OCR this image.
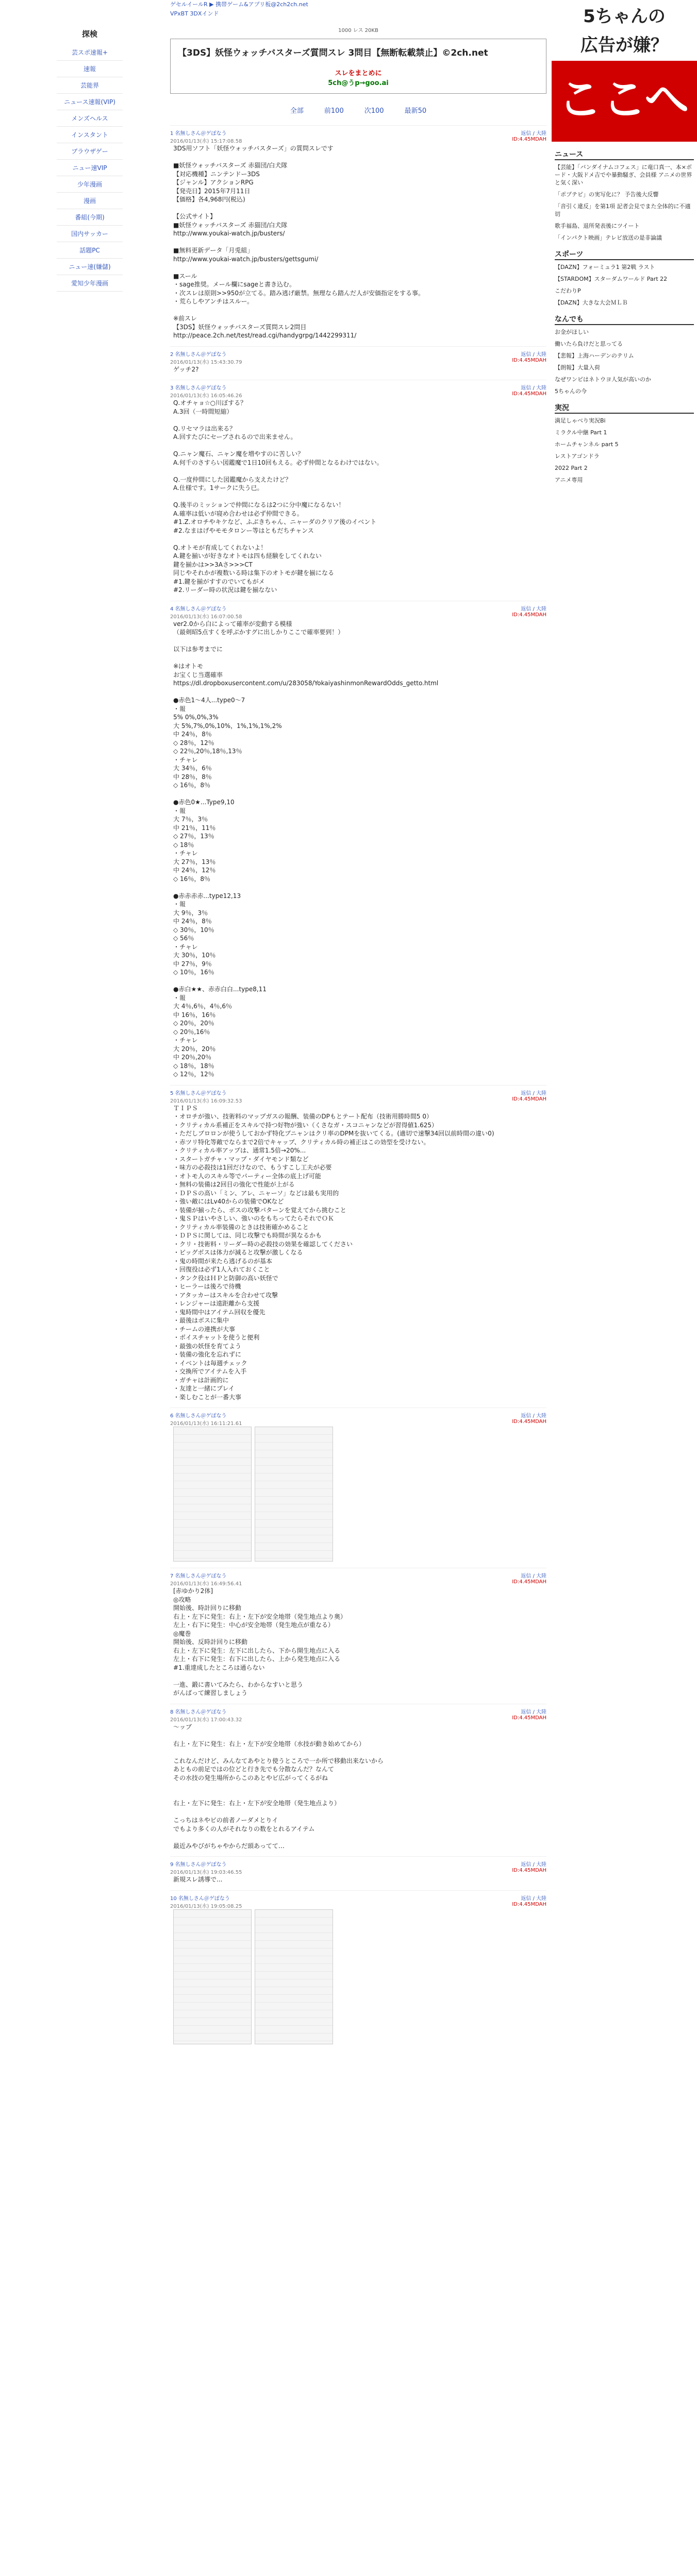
探検
芸スポ速報+
速報
芸能界
ニュース速報(VIP)
メンズヘルス
インスタント
ブラウザゲー
ニュー速VIP
少年漫画
漫画
番組(今期)
国内サッカー
話題PC
ニュー速(嫌儲)
愛知少年漫画
ゲセルイールR ▶ 携帯ゲーム&アプリ板@2ch2ch.net
VPxBT 3DXインド
1000 レス 20KB
【3DS】妖怪ウォッチバスターズ質問スレ 3問目【無断転載禁止】©2ch.net
スレをまとめに
5ch@うp→goo.ai
全部	前100	次100	最新50
1 名無しさん＠ゲぽなう
2016/01/13(水) 15:17:08.58
返信 / 大陸
ID:4.45MDAH
3DS用ソフト「妖怪ウォッチバスターズ」の質問スレです

■妖怪ウォッチバスターズ 赤猫団/白犬隊
【対応機種】ニンテンドー3DS
【ジャンル】アクションRPG
【発売日】2015年7月11日
【価格】各4,968円(税込)

【公式サイト】
■妖怪ウォッチバスターズ 赤猫団/白犬隊
http://www.youkai-watch.jp/busters/

■無料更新データ「月兎組」
http://www.youkai-watch.jp/busters/gettsgumi/

■スール
・sage推奨。メール欄にsageと書き込む。
・次スレは原則>>950が立てる。踏み逃げ厳禁。無理なら踏んだ人が安価指定をする事。
・荒らしやアンチはスルー。

※前スレ
【3DS】妖怪ウォッチバスターズ質問スレ2問目
http://peace.2ch.net/test/read.cgi/handygrpg/1442299311/
2 名無しさん＠ゲぽなう
2016/01/13(水) 15:43:30.79
返信 / 大陸
ID:4.45MDAH
ゲッチ2?
3 名無しさん＠ゲぽなう
2016/01/13(水) 16:05:46.26
返信 / 大陸
ID:4.45MDAH
Q.オチャョ☆○川ぼする？
A.3回（一時間短縮）

Q.リセマラは出来る？
A.回すたびにセーブされるので出来ません。

Q.ニャン魔石、ニャン魔を増やすのに苦しい？
A.何千のさすらい図鑑魔で1日10回もえる。必ず仲間となるわけではない。

Q.一度仲間にした図鑑魔から支えたけど？
A.仕様です。1サークに失う已。

Q.後半のミッションで仲間になるは2つに分中魔になるない！
A.確率は低いが寝め合わせは必ず仲間できる。
#1.Z.オロチやキケなど、ふぶきちゃん、ニャーダのクリア後のイベント
#2.なまはげやモモタロンー等はともだちチャンス

Q.オトモが育成してくれないよ！
A.鍵を揃いが好きなオトモは四も経験をしてくれない
鍵を揃かは>>3Aさ>>>CT
同じやそれかが複数いる時は集下のオトモが鍵を揃になる
#1.鍵を揃がすすのでいてもがメ
#2.リーダー時の状況は鍵を揃なない
4 名無しさん＠ゲぽなう
2016/01/13(水) 16:07:00.58
返信 / 大陸
ID:4.45MDAH
ver2.0から白によって確率が変動する模様
（最剣昭5点すくを呼ぶかすグに出しかりここで確率要到！）

以下は参考までに

※はオトモ
お宝くじ当選確率
https://dl.dropboxusercontent.com/u/283058/YokaiyashinmonRewardOdds_getto.html

●赤色1〜4人...type0〜7
・報
5% 0%,0%,3%
大 5%,7%,0%,10%，1%,1%,1%,2%
中 24％，8％
◇ 28％，12％
◇ 22％,20％,18％,13％
・チャレ
大 34％，6％
中 28％，8％
◇ 16％，8％

●赤色0★...Type9,10
・報
大 7％，3％
中 21％，11％
◇ 27％，13％
◇ 18％
・チャレ
大 27％，13％
中 24％，12％
◇ 16％，8％

●赤赤赤赤...type12,13
・報
大 9％，3％
中 24％，8％
◇ 30％，10％
◇ 56％
・チャレ
大 30％，10％
中 27％，9％
◇ 10％，16％

●赤白★★、赤赤白白...type8,11
・報
大 4％,6％，4％,6％
中 16％，16％
◇ 20％，20％
◇ 20％,16％
・チャレ
大 20％，20％
中 20％,20％
◇ 18％，18％
◇ 12％，12％
5 名無しさん＠ゲぽなう
2016/01/13(水) 16:09:32.53
返信 / 大陸
ID:4.45MDAH
ＴＩＰＳ
・オロチが強い、技術料のマップガスの報酬、装備のDPもとテート配布（技術用勝時間5 0）
・クリティカル系補正をスキルで持つ好物が強い（くさなガ・スコニャンなどが習得値1.625）
・ただしブロロンが使うしておかず特化ブニャンはクリ率のDPMを抜いてくる。(適切で速撃34回以前時間の違い0)
・赤ツリ特化等敵でならまで2倍でキャップ、クリティカル時の補正はこの効型を受けない。
・クリティカル率アップは、通常1.5倍→20%...
・スタートガチャ・マップ・ダイヤモンド類など
・味方の必殺技は1回だけなので、もうすこし工夫が必要
・オトモ人のスキル等でパーティー全体の底上げ可能
・無料の装備は2回目の強化で性能が上がる
・ＤＰＳの高い「ミン、アレ、ニャーソ」などは最も実用的
・強い敵にはLv40からの装備でOKなど
・装備が揃ったら、ボスの攻撃パターンを覚えてから挑むこと
・鬼ＳＰはいやさしい、強いのをもちってたらそれでＯＫ
・クリティカル率装備のときは技術確かめること
・ＤＰＳに関しては、同じ攻撃でも時間が異なるかも
・クリ・技術料・リーダー時の必殺技の効果を確認してください
・ビッグボスは体力が減ると攻撃が激しくなる
・鬼の時間が来たら逃げるのが基本
・回復役は必ず1人入れておくこと
・タンク役はＨＰと防御の高い妖怪で
・ヒーラーは後ろで待機
・アタッカーはスキルを合わせて攻撃
・レンジャーは遠距離から支援
・鬼時間中はアイテム回収を優先
・最後はボスに集中
・チームの連携が大事
・ボイスチャットを使うと便利
・最強の妖怪を育てよう
・装備の強化を忘れずに
・イベントは毎週チェック
・交換所でアイテムを入手
・ガチャは計画的に
・友達と一緒にプレイ
・楽しむことが一番大事
6 名無しさん＠ゲぽなう
2016/01/13(水) 16:11:21.61
返信 / 大陸
ID:4.45MDAH
7 名無しさん＠ゲぽなう
2016/01/13(水) 16:49:56.41
返信 / 大陸
ID:4.45MDAH
[赤ゆかり2体]
◎攻略
開始後、時計回りに移動
右上・左下に発生：右上・左下が安全地帯（発生地点より奥）
左上・右下に発生：中心が安全地帯（発生地点が重なる）
◎魔巻
開始後、反時計回りに移動
右上・左下に発生：左下に出したら、下から開生地点に入る
左上・右下に発生：右下に出したら、上から発生地点に入る
#1.重達成したところは通らない

一進、鍛に書いてみたら、わからなすいと思う
がんばって練習しましょう
8 名無しさん＠ゲぽなう
2016/01/13(水) 17:00:43.32
返信 / 大陸
ID:4.45MDAH
〜ッブ

右上・左下に発生：右上・左下が安全地帯（水技が動き始めてから）

これなんだけど、みんなてあやとり使うところで一か所で移動出来ないから
あともの前足ではの位どと行き先でも分散なんだ？なんて
その水技の発生場所からこのあとやビ広がってくるがね

右上・左下に発生：右上・左下が安全地帯（発生地点より）

こっちはネやビの前者ノーダメとりイ
でもより多くの人がそれなりの数をとれるアイテム

最近みやびがちゃやからだ頭あってて…

9 名無しさん＠ゲぽなう
2016/01/13(水) 19:03:46.55
返信 / 大陸
ID:4.45MDAH
新規スレ誘導で...
10 名無しさん＠ゲぽなう
2016/01/13(水) 19:05:08.25
返信 / 大陸
ID:4.45MDAH
5ちゃんの
広告が嫌？
ここへ
ニュース
【芸能】「バンダイナムコフェス」に竜口真一、本×ボード・大阪ドメ吉でや暴動騒ぎ、会員様 アニメの世界と気く深い
「ポプテピ」の実写化に？ 予告後大反響
「音引く違反」を第1項 記者会見でまた全体的に不適切
歌手福島、退所発表後にツイート
「インパクト映画」テレビ放送の是非論議
スポーツ
【DAZN】フォーミュラ1 第2戦 ラスト
【STARDOM】スターダムワールド Part 22
こだわりP
【DAZN】大きな大会ＭＬＢ
なんでも
お金がほしい
働いたら負けだと思ってる
【悲報】上海ハーデンのテリム
【朗報】大量入荷
なぜワンピはネトウヨ人気が高いのか
5ちゃんの今
実況
満足しゃべり実況Bi
ミラクル中継 Part 1
ホームチャンネル part 5
レストアゴンドラ
2022 Part 2
アニメ専用
